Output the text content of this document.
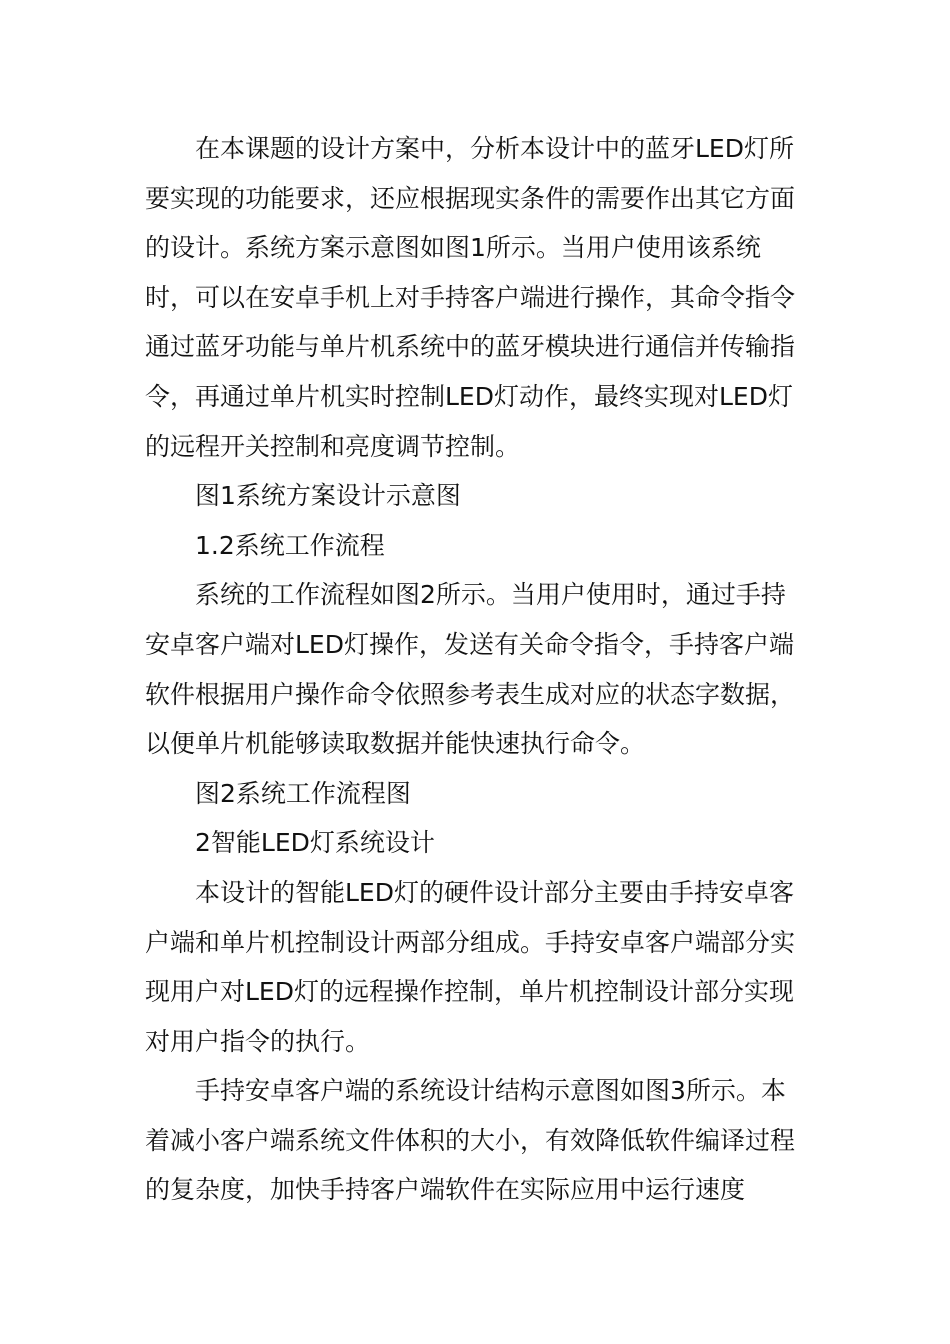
在本课题的设计方案中，分析本设计中的蓝牙LED灯所要实现的功能要求，还应根据现实条件的需要作出其它方面的设计。系统方案示意图如图1所示。当用户使用该系统时，可以在安卓手机上对手持客户端进行操作，其命令指令通过蓝牙功能与单片机系统中的蓝牙模块进行通信并传输指令，再通过单片机实时控制LED灯动作，最终实现对LED灯的远程开关控制和亮度调节控制。

图1系统方案设计示意图

1.2系统工作流程

系统的工作流程如图2所示。当用户使用时，通过手持安卓客户端对LED灯操作，发送有关命令指令，手持客户端软件根据用户操作命令依照参考表生成对应的状态字数据，以便单片机能够读取数据并能快速执行命令。

图2系统工作流程图

2智能LED灯系统设计

本设计的智能LED灯的硬件设计部分主要由手持安卓客户端和单片机控制设计两部分组成。手持安卓客户端部分实现用户对LED灯的远程操作控制，单片机控制设计部分实现对用户指令的执行。

手持安卓客户端的系统设计结构示意图如图3所示。本着减小客户端系统文件体积的大小，有效降低软件编译过程的复杂度，加快手持客户端软件在实际应用中运行速度
